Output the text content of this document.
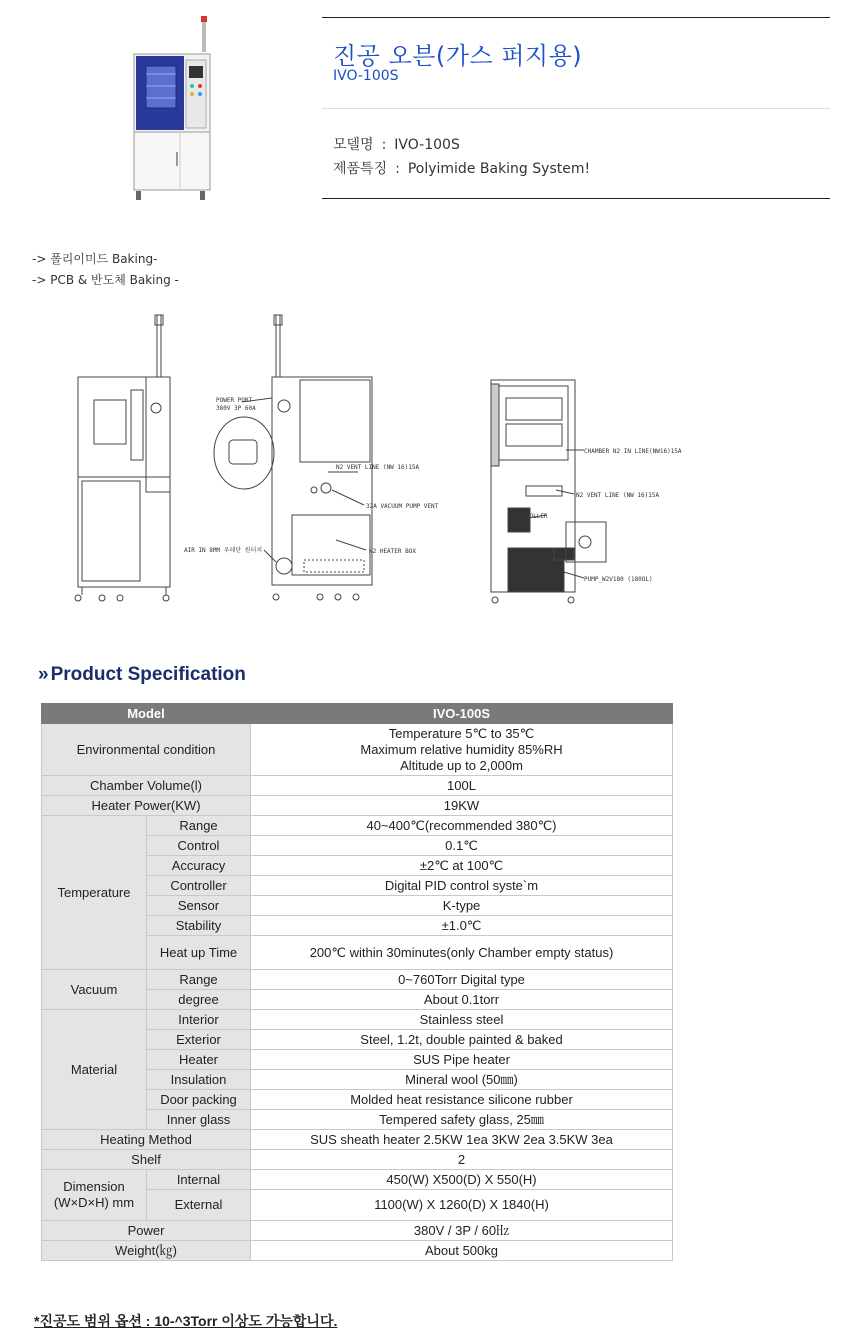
진공 오븐(가스 퍼지용)
IVO-100S
모델명 : IVO-100S
제품특징 : Polyimide Baking System!
-> 폴리이미드 Baking-
-> PCB & 반도체 Baking -
POWER PORT
380V 3P 60A
N2 VENT LINE (NW 16)15A
32A VACUUM PUMP VENT
N2 HEATER BOX
AIR IN 8MM 우레탄 원터치
CHAMBER N2 IN LINE(NW16)15A
N2 VENT LINE (NW 16)15A
COLLER
PUMP_W2V180 (180OL)
» Product Specification
Model		IVO-100S
Environmental condition		Temperature 5℃ to 35℃
Maximum relative humidity 85%RH
Altitude up to 2,000m

Chamber Volume(l)		100L
Heater Power(KW)		19KW
Temperature	Range	40~400℃(recommended 380℃)
	Control	0.1℃
	Accuracy	±2℃ at 100℃
	Controller	Digital PID control syste`m
	Sensor	K-type
	Stability	±1.0℃
	Heat up Time	200℃ within 30minutes(only Chamber empty status)
Vacuum	Range	0~760Torr Digital type
	degree	About 0.1torr
Material	Interior	Stainless steel
	Exterior	Steel, 1.2t, double painted & baked
	Heater	SUS Pipe heater
	Insulation	Mineral wool (50㎜)
	Door packing	Molded heat resistance silicone rubber
	Inner glass	Tempered safety glass, 25㎜
Heating Method		SUS sheath heater 2.5KW 1ea 3KW 2ea 3.5KW 3ea
Shelf		2
Dimension (W×D×H) mm	Internal	450(W) X500(D) X 550(H)
	External	1100(W) X 1260(D) X 1840(H)
Power		380V / 3P / 60㎐
Weight(㎏)		About 500kg
*진공도 범위 옵션 : 10-^3Torr 이상도 가능합니다.
